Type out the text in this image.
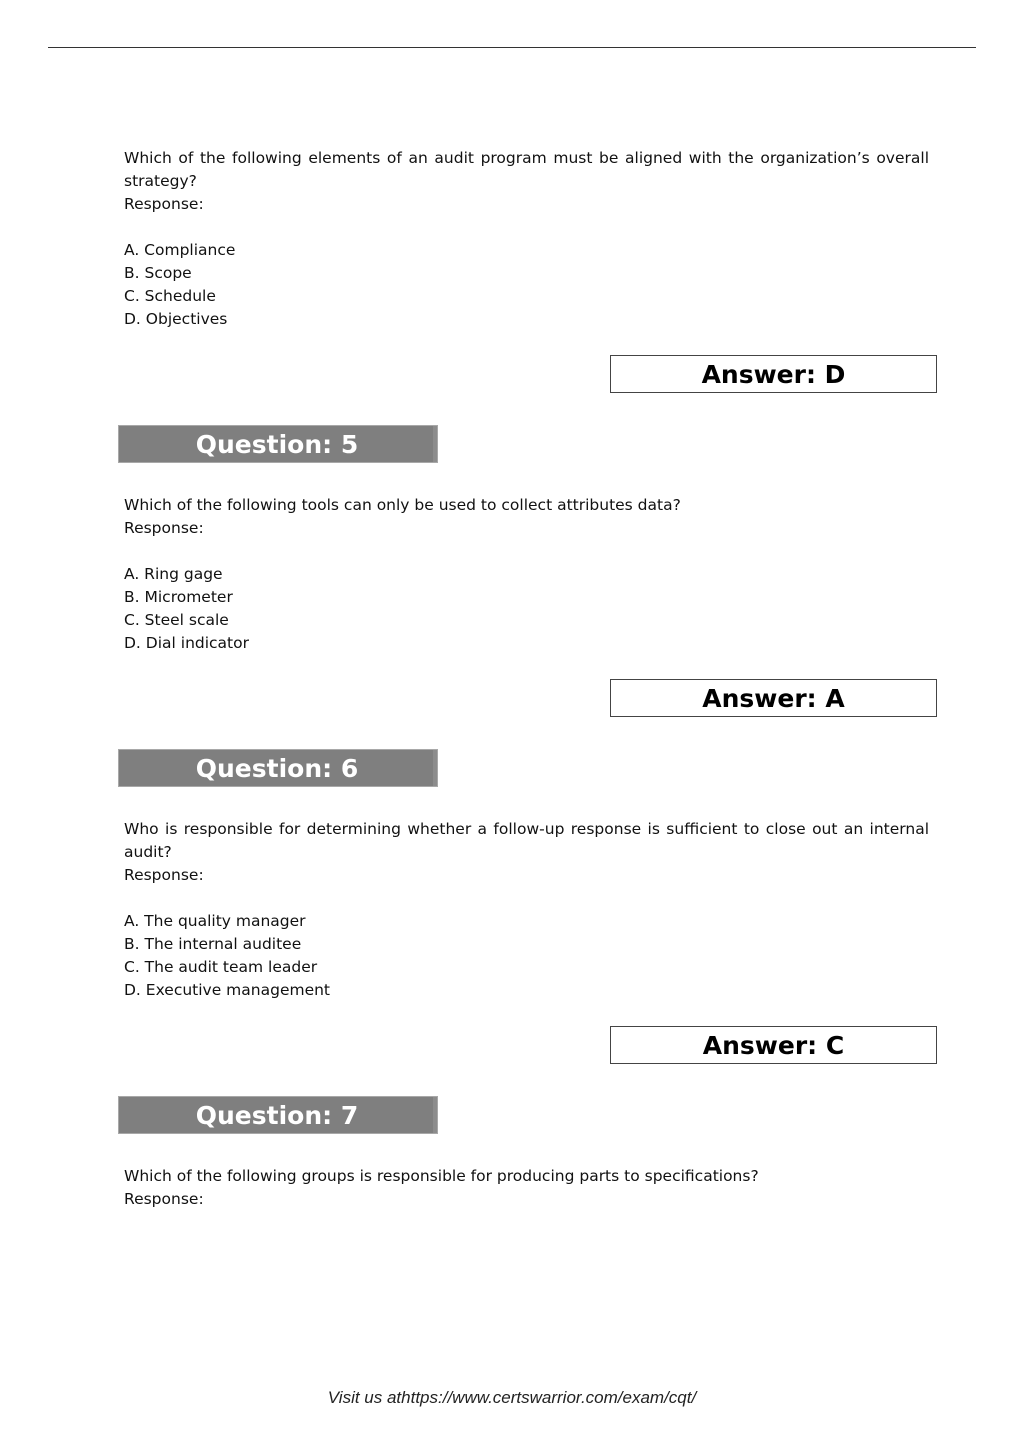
Which of the following elements of an audit program must be aligned with the organization’s overall
strategy?
Response:
A. Compliance
B. Scope
C. Schedule
D. Objectives
Answer: D
Question: 5
Which of the following tools can only be used to collect attributes data?
Response:
A. Ring gage
B. Micrometer
C. Steel scale
D. Dial indicator
Answer: A
Question: 6
Who is responsible for determining whether a follow-up response is sufficient to close out an internal
audit?
Response:
A. The quality manager
B. The internal auditee
C. The audit team leader
D. Executive management
Answer: C
Question: 7
Which of the following groups is responsible for producing parts to specifications?
Response:
Visit us athttps://www.certswarrior.com/exam/cqt/
